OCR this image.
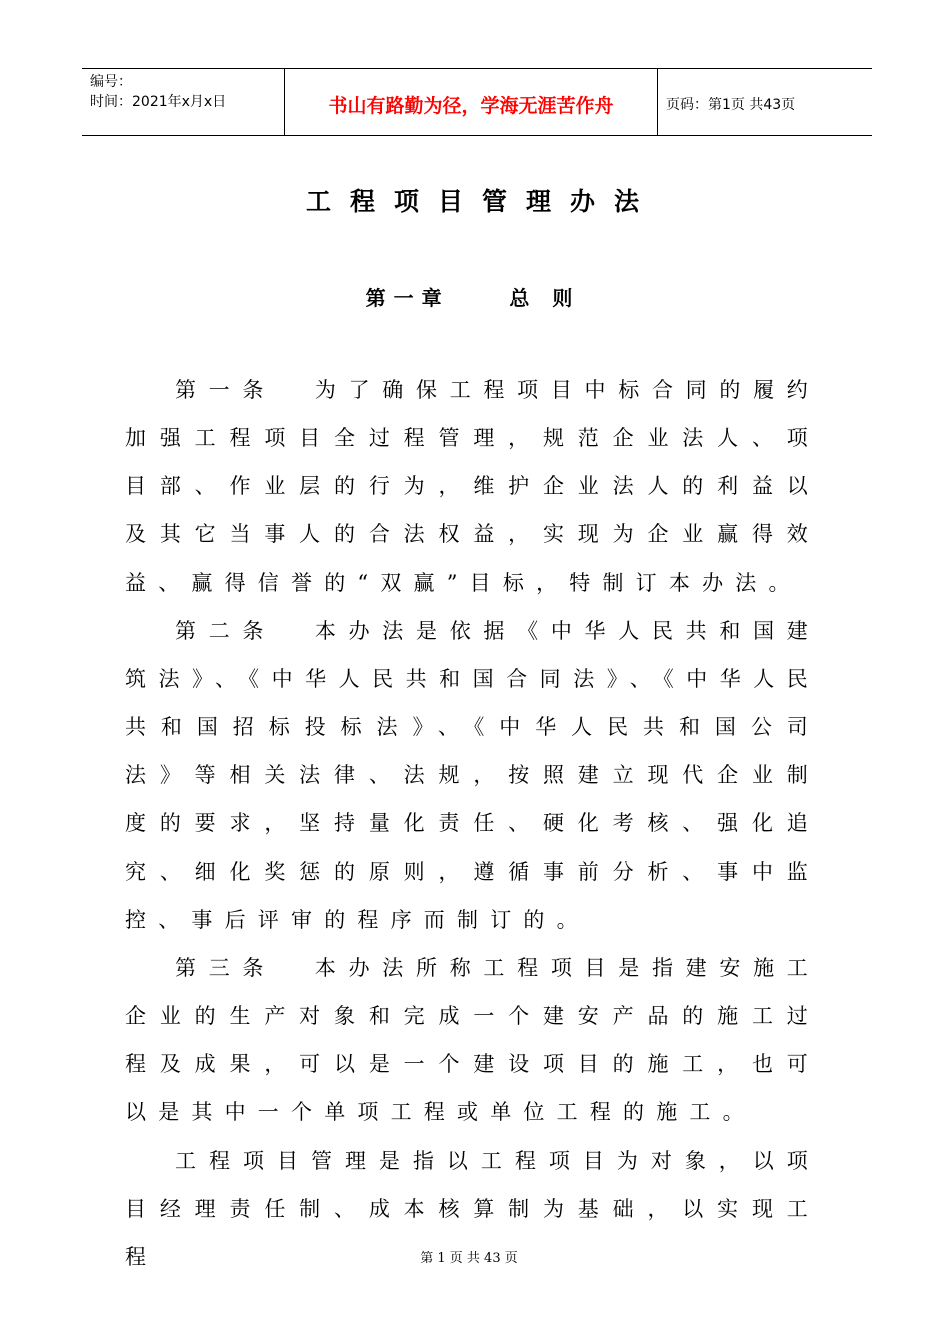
编号：
时间：2021年x月x日	书山有路勤为径，学海无涯苦作舟	页码：第1页 共43页
工程项目管理办法
第一章    总 则

第一条  为了确保工程项目中标合同的履约加强工程项目全过程管理，规范企业法人、项目部、作业层的行为，维护企业法人的利益以及其它当事人的合法权益，实现为企业赢得效益、赢得信誉的“双赢”目标，特制订本办法。

第二条  本办法是依据《中华人民共和国建筑法》、《中华人民共和国合同法》、《中华人民共和国招标投标法》、《中华人民共和国公司法》等相关法律、法规，按照建立现代企业制度的要求，坚持量化责任、硬化考核、强化追究、细化奖惩的原则，遵循事前分析、事中监控、事后评审的程序而制订的。

第三条  本办法所称工程项目是指建安施工企业的生产对象和完成一个建安产品的施工过程及成果，可以是一个建设项目的施工，也可以是其中一个单项工程或单位工程的施工。

工程项目管理是指以工程项目为对象，以项目经理责任制、成本核算制为基础，以实现工程	第 1 页 共 43 页
